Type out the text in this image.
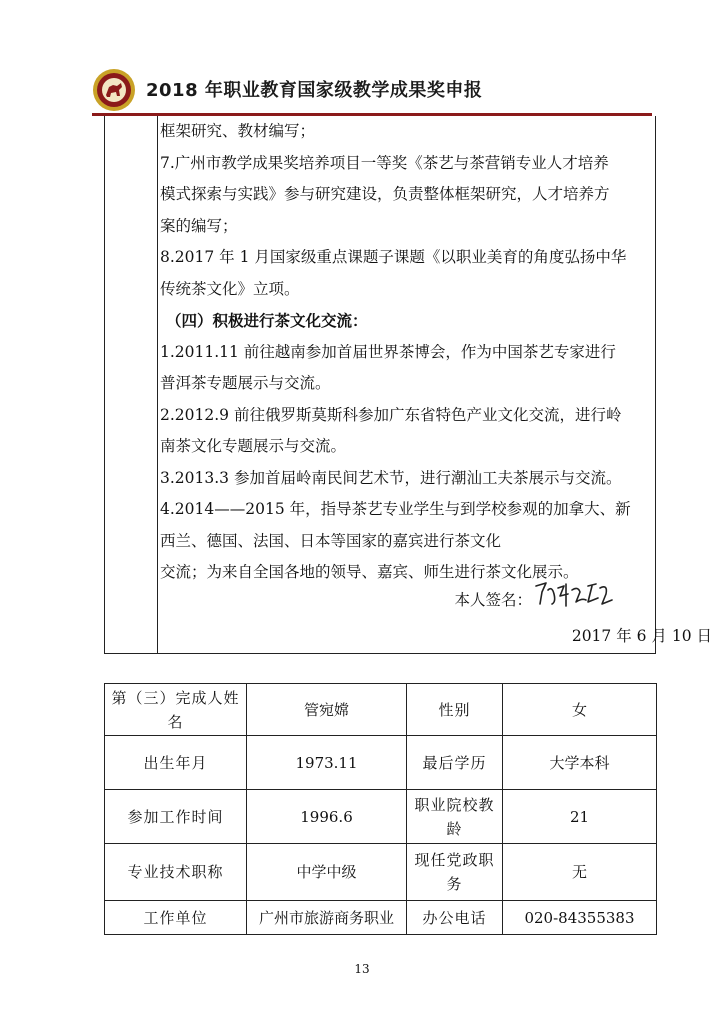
2018 年职业教育国家级教学成果奖申报
框架研究、教材编写；
7.广州市教学成果奖培养项目一等奖《茶艺与茶营销专业人才培养
模式探索与实践》参与研究建设，负责整体框架研究，人才培养方
案的编写；
8.2017 年 1 月国家级重点课题子课题《以职业美育的角度弘扬中华
传统茶文化》立项。
（四）积极进行茶文化交流：
1.2011.11 前往越南参加首届世界茶博会，作为中国茶艺专家进行
普洱茶专题展示与交流。
2.2012.9 前往俄罗斯莫斯科参加广东省特色产业文化交流，进行岭
南茶文化专题展示与交流。
3.2013.3 参加首届岭南民间艺术节，进行潮汕工夫茶展示与交流。
4.2014——2015 年，指导茶艺专业学生与到学校参观的加拿大、新
西兰、德国、法国、日本等国家的嘉宾进行茶文化
交流；为来自全国各地的领导、嘉宾、师生进行茶文化展示。
本人签名：
2017 年 6 月 10 日
第（三）完成人姓名	管宛嫦	性别	女
出生年月	1973.11	最后学历	大学本科
参加工作时间	1996.6	职业院校教龄	21
专业技术职称	中学中级	现任党政职务	无
工作单位	广州市旅游商务职业	办公电话	020-84355383
13
